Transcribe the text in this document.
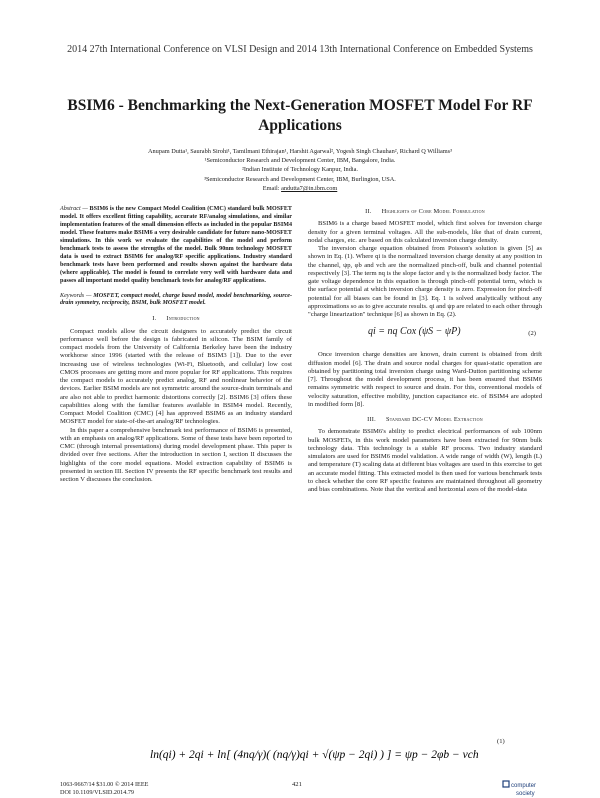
2014 27th International Conference on VLSI Design and 2014 13th International Conference on Embedded Systems
BSIM6 - Benchmarking the Next-Generation MOSFET Model For RF Applications
Anupam Dutta¹, Saurabh Sirohi¹, Tamilmani Ethirajan¹, Harshit Agarwal², Yogesh Singh Chauhan², Richard Q Williams³
¹Semiconductor Research and Development Center, IBM, Bangalore, India.
²Indian Institute of Technology Kanpur, India.
³Semiconductor Research and Development Center, IBM, Burlington, USA.
Email: andutta7@in.ibm.com
Abstract — BSIM6 is the new Compact Model Coalition (CMC) standard bulk MOSFET model. It offers excellent fitting capability, accurate RF/analog simulations, and similar implementation features of the small dimension effects as included in the popular BSIM4 model. These features make BSIM6 a very desirable candidate for future nano-MOSFET simulations. In this work we evaluate the capabilities of the model and perform benchmark tests to assess the strengths of the model. Bulk 90nm technology MOSFET data is used to extract BSIM6 for analog/RF specific applications. Industry standard benchmark tests have been performed and results shown against the hardware data (where applicable). The model is found to correlate very well with hardware data and passes all important model quality benchmark tests for analog/RF applications.
Keywords — MOSFET, compact model, charge based model, model benchmarking, source-drain symmetry, reciprocity, BSIM, bulk MOSFET model.
I. Introduction

Compact models allow the circuit designers to accurately predict the circuit performance well before the design is fabricated in silicon. The BSIM family of compact models from the University of California Berkeley have been the industry workhorse since 1996 (started with the release of BSIM3 [1]). Due to the ever increasing use of wireless technologies (Wi-Fi, Bluetooth, and cellular) low cost CMOS processes are getting more and more popular for RF applications. This requires the compact models to accurately predict analog, RF and nonlinear behavior of the devices. Earlier BSIM models are not symmetric around the source-drain terminals and are also not able to predict harmonic distortions correctly [2]. BSIM6 [3] offers these capabilities along with the familiar features available in BSIM4 model. Recently, Compact Model Coalition (CMC) [4] has approved BSIM6 as an industry standard MOSFET model for state-of-the-art analog/RF technologies.

In this paper a comprehensive benchmark test performance of BSIM6 is presented, with an emphasis on analog/RF applications. Some of these tests have been reported to CMC (through internal presentations) during model development phase. This paper is divided over five sections. After the introduction in section I, section II discusses the highlights of the core model equations. Model extraction capability of BSIM6 is presented in section III. Section IV presents the RF specific benchmark test results and section V discusses the conclusion.

II. Highlights of Core Model Formulation

BSIM6 is a charge based MOSFET model, which first solves for inversion charge density for a given terminal voltages. All the sub-models, like that of drain current, nodal charges, etc. are based on this calculated inversion charge density.

The inversion charge equation obtained from Poisson's solution is given [5] as shown in Eq. (1). Where qi is the normalized inversion charge density at any position in the channel, ψp, φb and vch are the normalized pinch-off, bulk and channel potential respectively [3]. The term nq is the slope factor and γ is the normalized body factor. The gate voltage dependence in this equation is through pinch-off potential term, which is the surface potential at which inversion charge density is zero. Expression for pinch-off potential for all biases can be found in [3]. Eq. 1 is solved analytically without any approximations so as to give accurate results. qi and ψp are related to each other through "charge linearization" technique [6] as shown in Eq. (2).

qi = nq Cox (ψS − ψP)	(2)

Once inversion charge densities are known, drain current is obtained from drift diffusion model [6]. The drain and source nodal charges for quasi-static operation are obtained by partitioning total inversion charge using Ward-Dutton partitioning scheme [7]. Throughout the model development process, it has been ensured that BSIM6 remains symmetric with respect to source and drain. For this, conventional models of velocity saturation, effective mobility, junction capacitance etc. of BSIM4 are adopted in modified form [8].

III. Standard DC-CV Model Extraction

To demonstrate BSIM6's ability to predict electrical performances of sub 100nm bulk MOSFETs, in this work model parameters have been extracted for 90nm bulk technology data. This technology is a stable RF process. Two industry standard simulators are used for BSIM6 model validation. A wide range of width (W), length (L) and temperature (T) scaling data at different bias voltages are used in this exercise to get an accurate model fitting. This extracted model is then used for various benchmark tests to check whether the core RF specific features are maintained throughout all geometry and bias combinations. Note that the vertical and horizontal axes of the model-data

ln(qi) + 2qi + ln[ (4nq/γ)( (nq/γ)qi + √(ψp − 2qi) ) ] = ψp − 2φb − vch
(1)
1063-9667/14 $31.00 © 2014 IEEE
DOI 10.1109/VLSID.2014.79
421	computer
society
